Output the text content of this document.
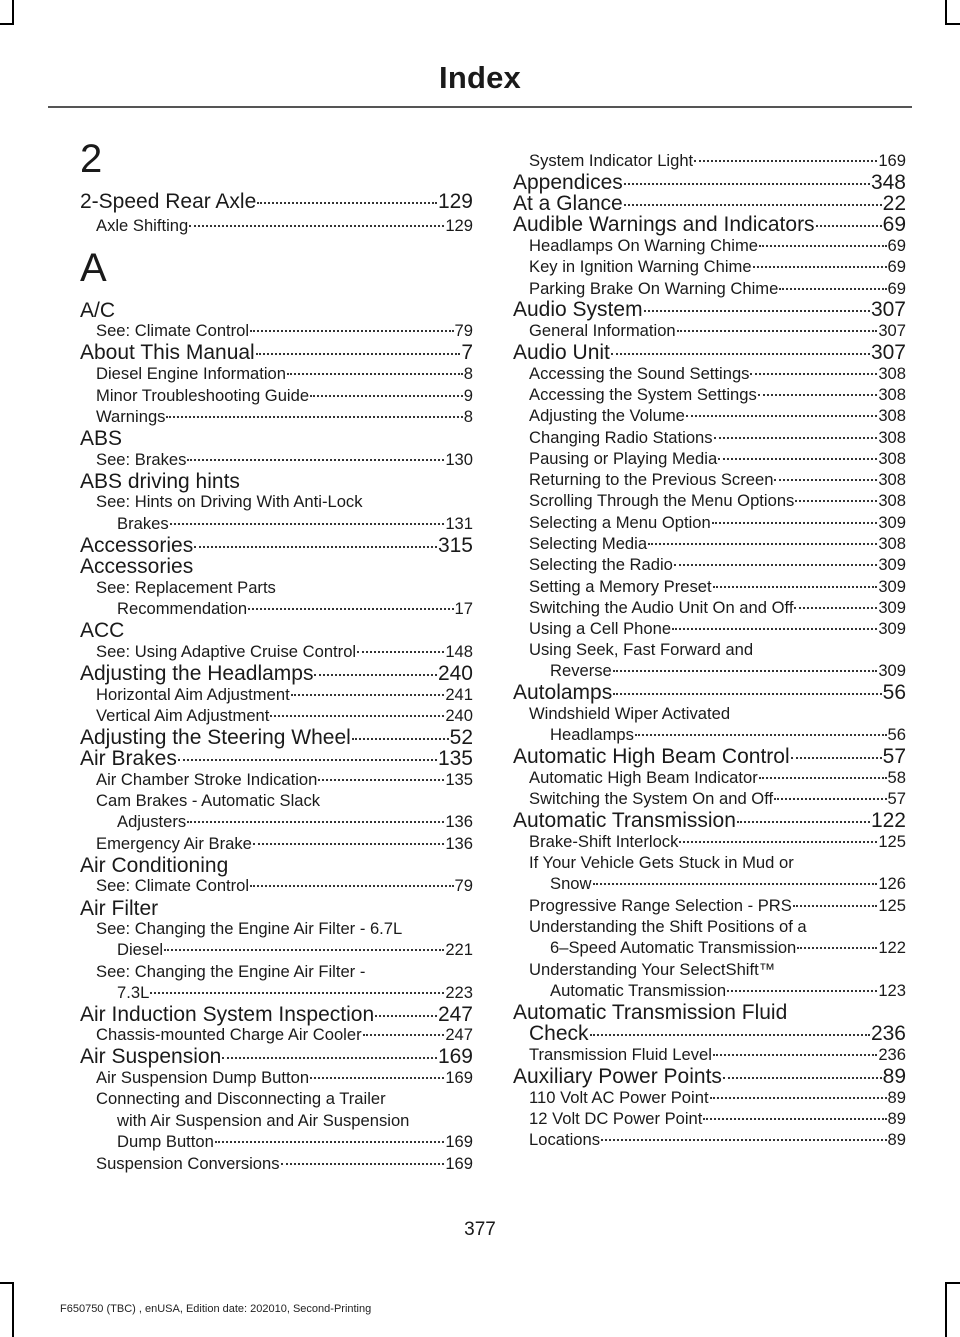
Index
2
2-Speed Rear Axle	129
Axle Shifting	129
A
A/C
See: Climate Control	79
About This Manual	7
Diesel Engine Information	8
Minor Troubleshooting Guide	9
Warnings	8
ABS
See: Brakes	130
ABS driving hints
See: Hints on Driving With Anti-Lock
Brakes	131
Accessories	315
Accessories
See: Replacement Parts
Recommendation	17
ACC
See: Using Adaptive Cruise Control	148
Adjusting the Headlamps	240
Horizontal Aim Adjustment	241
Vertical Aim Adjustment	240
Adjusting the Steering Wheel	52
Air Brakes	135
Air Chamber Stroke Indication	135
Cam Brakes - Automatic Slack
Adjusters	136
Emergency Air Brake	136
Air Conditioning
See: Climate Control	79
Air Filter
See: Changing the Engine Air Filter - 6.7L
Diesel	221
See: Changing the Engine Air Filter -
7.3L	223
Air Induction System Inspection	247
Chassis-mounted Charge Air Cooler	247
Air Suspension	169
Air Suspension Dump Button	169
Connecting and Disconnecting a Trailer
with Air Suspension and Air Suspension
Dump Button	169
Suspension Conversions	169
System Indicator Light	169
Appendices	348
At a Glance	22
Audible Warnings and Indicators	69
Headlamps On Warning Chime	69
Key in Ignition Warning Chime	69
Parking Brake On Warning Chime	69
Audio System	307
General Information	307
Audio Unit	307
Accessing the Sound Settings	308
Accessing the System Settings	308
Adjusting the Volume	308
Changing Radio Stations	308
Pausing or Playing Media	308
Returning to the Previous Screen	308
Scrolling Through the Menu Options	308
Selecting a Menu Option	309
Selecting Media	308
Selecting the Radio	309
Setting a Memory Preset	309
Switching the Audio Unit On and Off	309
Using a Cell Phone	309
Using Seek, Fast Forward and
Reverse	309
Autolamps	56
Windshield Wiper Activated
Headlamps	56
Automatic High Beam Control	57
Automatic High Beam Indicator	58
Switching the System On and Off	57
Automatic Transmission	122
Brake-Shift Interlock	125
If Your Vehicle Gets Stuck in Mud or
Snow	126
Progressive Range Selection - PRS	125
Understanding the Shift Positions of a
6–Speed Automatic Transmission	122
Understanding Your SelectShift™
Automatic Transmission	123
Automatic Transmission Fluid
Check	236
Transmission Fluid Level	236
Auxiliary Power Points	89
110 Volt AC Power Point	89
12 Volt DC Power Point	89
Locations	89
377
F650750 (TBC) , enUSA, Edition date: 202010, Second-Printing
